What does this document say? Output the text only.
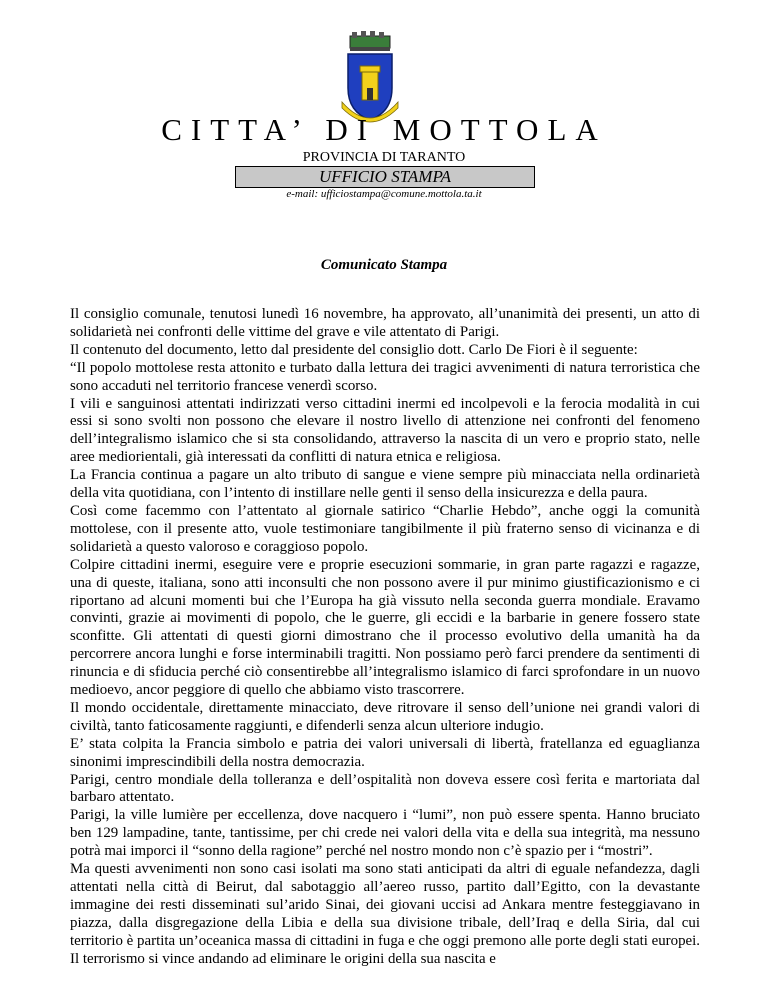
CITTA’ DI MOTTOLA
PROVINCIA DI TARANTO
UFFICIO STAMPA
e-mail: ufficiostampa@comune.mottola.ta.it
Comunicato Stampa

Il consiglio comunale, tenutosi lunedì 16 novembre, ha approvato, all’unanimità dei presenti, un atto di solidarietà nei confronti delle vittime del grave e vile attentato di Parigi.

Il contenuto del documento, letto dal presidente del consiglio dott. Carlo De Fiori è il seguente:

“Il popolo mottolese resta attonito e turbato dalla lettura dei tragici avvenimenti di natura terroristica che sono accaduti nel territorio francese venerdì scorso.

I vili e sanguinosi attentati indirizzati verso cittadini inermi ed incolpevoli e la ferocia modalità in cui essi si sono svolti non possono che elevare il nostro livello di attenzione nei confronti del fenomeno dell’integralismo islamico che si sta consolidando, attraverso la nascita di un vero e proprio stato, nelle aree mediorientali, già interessati da conflitti di natura etnica e religiosa.

La Francia continua a pagare un alto tributo di sangue e viene sempre più minacciata nella ordinarietà della vita quotidiana, con l’intento di instillare nelle genti il senso della insicurezza e della paura.

Così come facemmo con l’attentato al giornale satirico “Charlie Hebdo”, anche oggi la comunità mottolese, con il presente atto, vuole testimoniare tangibilmente il più fraterno senso di vicinanza e di solidarietà a questo valoroso e coraggioso popolo.

Colpire cittadini inermi, eseguire vere e proprie esecuzioni sommarie, in gran parte ragazzi e ragazze, una di queste, italiana, sono atti inconsulti che non possono avere il pur minimo giustificazionismo e ci riportano ad alcuni momenti bui che l’Europa ha già vissuto nella seconda guerra mondiale. Eravamo convinti, grazie ai movimenti di popolo, che le guerre, gli eccidi e la barbarie in genere fossero state sconfitte. Gli attentati di questi giorni dimostrano che il processo evolutivo della umanità ha da percorrere ancora lunghi e forse interminabili tragitti. Non possiamo però farci prendere da sentimenti di rinuncia e di sfiducia perché ciò consentirebbe all’integralismo islamico di farci sprofondare in un nuovo medioevo, ancor peggiore di quello che abbiamo visto trascorrere.

Il mondo occidentale, direttamente minacciato, deve ritrovare il senso dell’unione nei grandi valori di civiltà, tanto faticosamente raggiunti, e difenderli senza alcun ulteriore indugio.

E’ stata colpita la Francia simbolo e patria dei valori universali di libertà, fratellanza ed eguaglianza sinonimi imprescindibili della nostra democrazia.

Parigi, centro mondiale della tolleranza e dell’ospitalità non doveva essere così ferita e martoriata dal barbaro attentato.

Parigi, la ville lumière per eccellenza, dove nacquero i “lumi”, non può essere spenta. Hanno bruciato ben 129 lampadine, tante, tantissime, per chi crede nei valori della vita e della sua integrità, ma nessuno potrà mai imporci il “sonno della ragione” perché nel nostro mondo non c’è spazio per i “mostri”.

Ma questi avvenimenti non sono casi isolati ma sono stati anticipati da altri di eguale nefandezza, dagli attentati nella città di Beirut, dal sabotaggio all’aereo russo, partito dall’Egitto, con la devastante immagine dei resti disseminati sul’arido Sinai, dei giovani uccisi ad Ankara mentre festeggiavano in piazza, dalla disgregazione della Libia e della sua divisione tribale, dell’Iraq e della Siria, dal cui territorio è partita un’oceanica massa di cittadini in fuga e che oggi premono alle porte degli stati europei. Il terrorismo si vince andando ad eliminare le origini della sua nascita e
